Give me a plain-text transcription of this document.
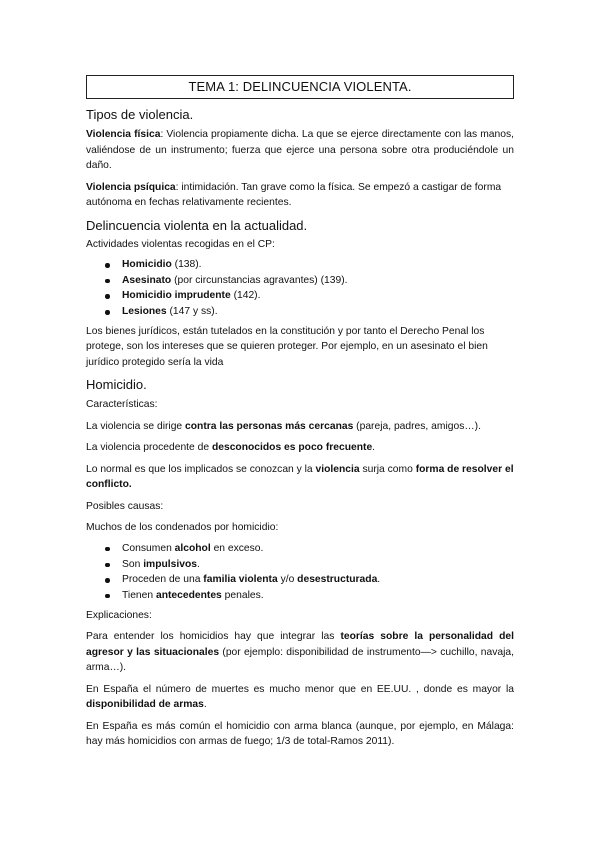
TEMA 1: DELINCUENCIA VIOLENTA.
Tipos de violencia.

Violencia física: Violencia propiamente dicha. La que se ejerce directamente con las manos, valiéndose de un instrumento; fuerza que ejerce una persona sobre otra produciéndole un daño.

Violencia psíquica: intimidación. Tan grave como la física. Se empezó a castigar de forma autónoma en fechas relativamente recientes.

Delincuencia violenta en la actualidad.

Actividades violentas recogidas en el CP:

Homicidio (138).
Asesinato (por circunstancias agravantes) (139).
Homicidio imprudente (142).
Lesiones (147 y ss).

Los bienes jurídicos, están tutelados en la constitución y por tanto el Derecho Penal los protege, son los intereses que se quieren proteger. Por ejemplo, en un asesinato el bien jurídico protegido sería la vida

Homicidio.

Características:

La violencia se dirige contra las personas más cercanas (pareja, padres, amigos…).

La violencia procedente de desconocidos es poco frecuente.

Lo normal es que los implicados se conozcan y la violencia surja como forma de resolver el conflicto.

Posibles causas:

Muchos de los condenados por homicidio:

Consumen alcohol en exceso.
Son impulsivos.
Proceden de una familia violenta y/o desestructurada.
Tienen antecedentes penales.

Explicaciones:

Para entender los homicidios hay que integrar las teorías sobre la personalidad del agresor y las situacionales (por ejemplo: disponibilidad de instrumento—> cuchillo, navaja, arma…).

En España el número de muertes es mucho menor que en EE.UU. , donde es mayor la disponibilidad de armas.

En España es más común el homicidio con arma blanca (aunque, por ejemplo, en Málaga: hay más homicidios con armas de fuego; 1/3 de total-Ramos 2011).
